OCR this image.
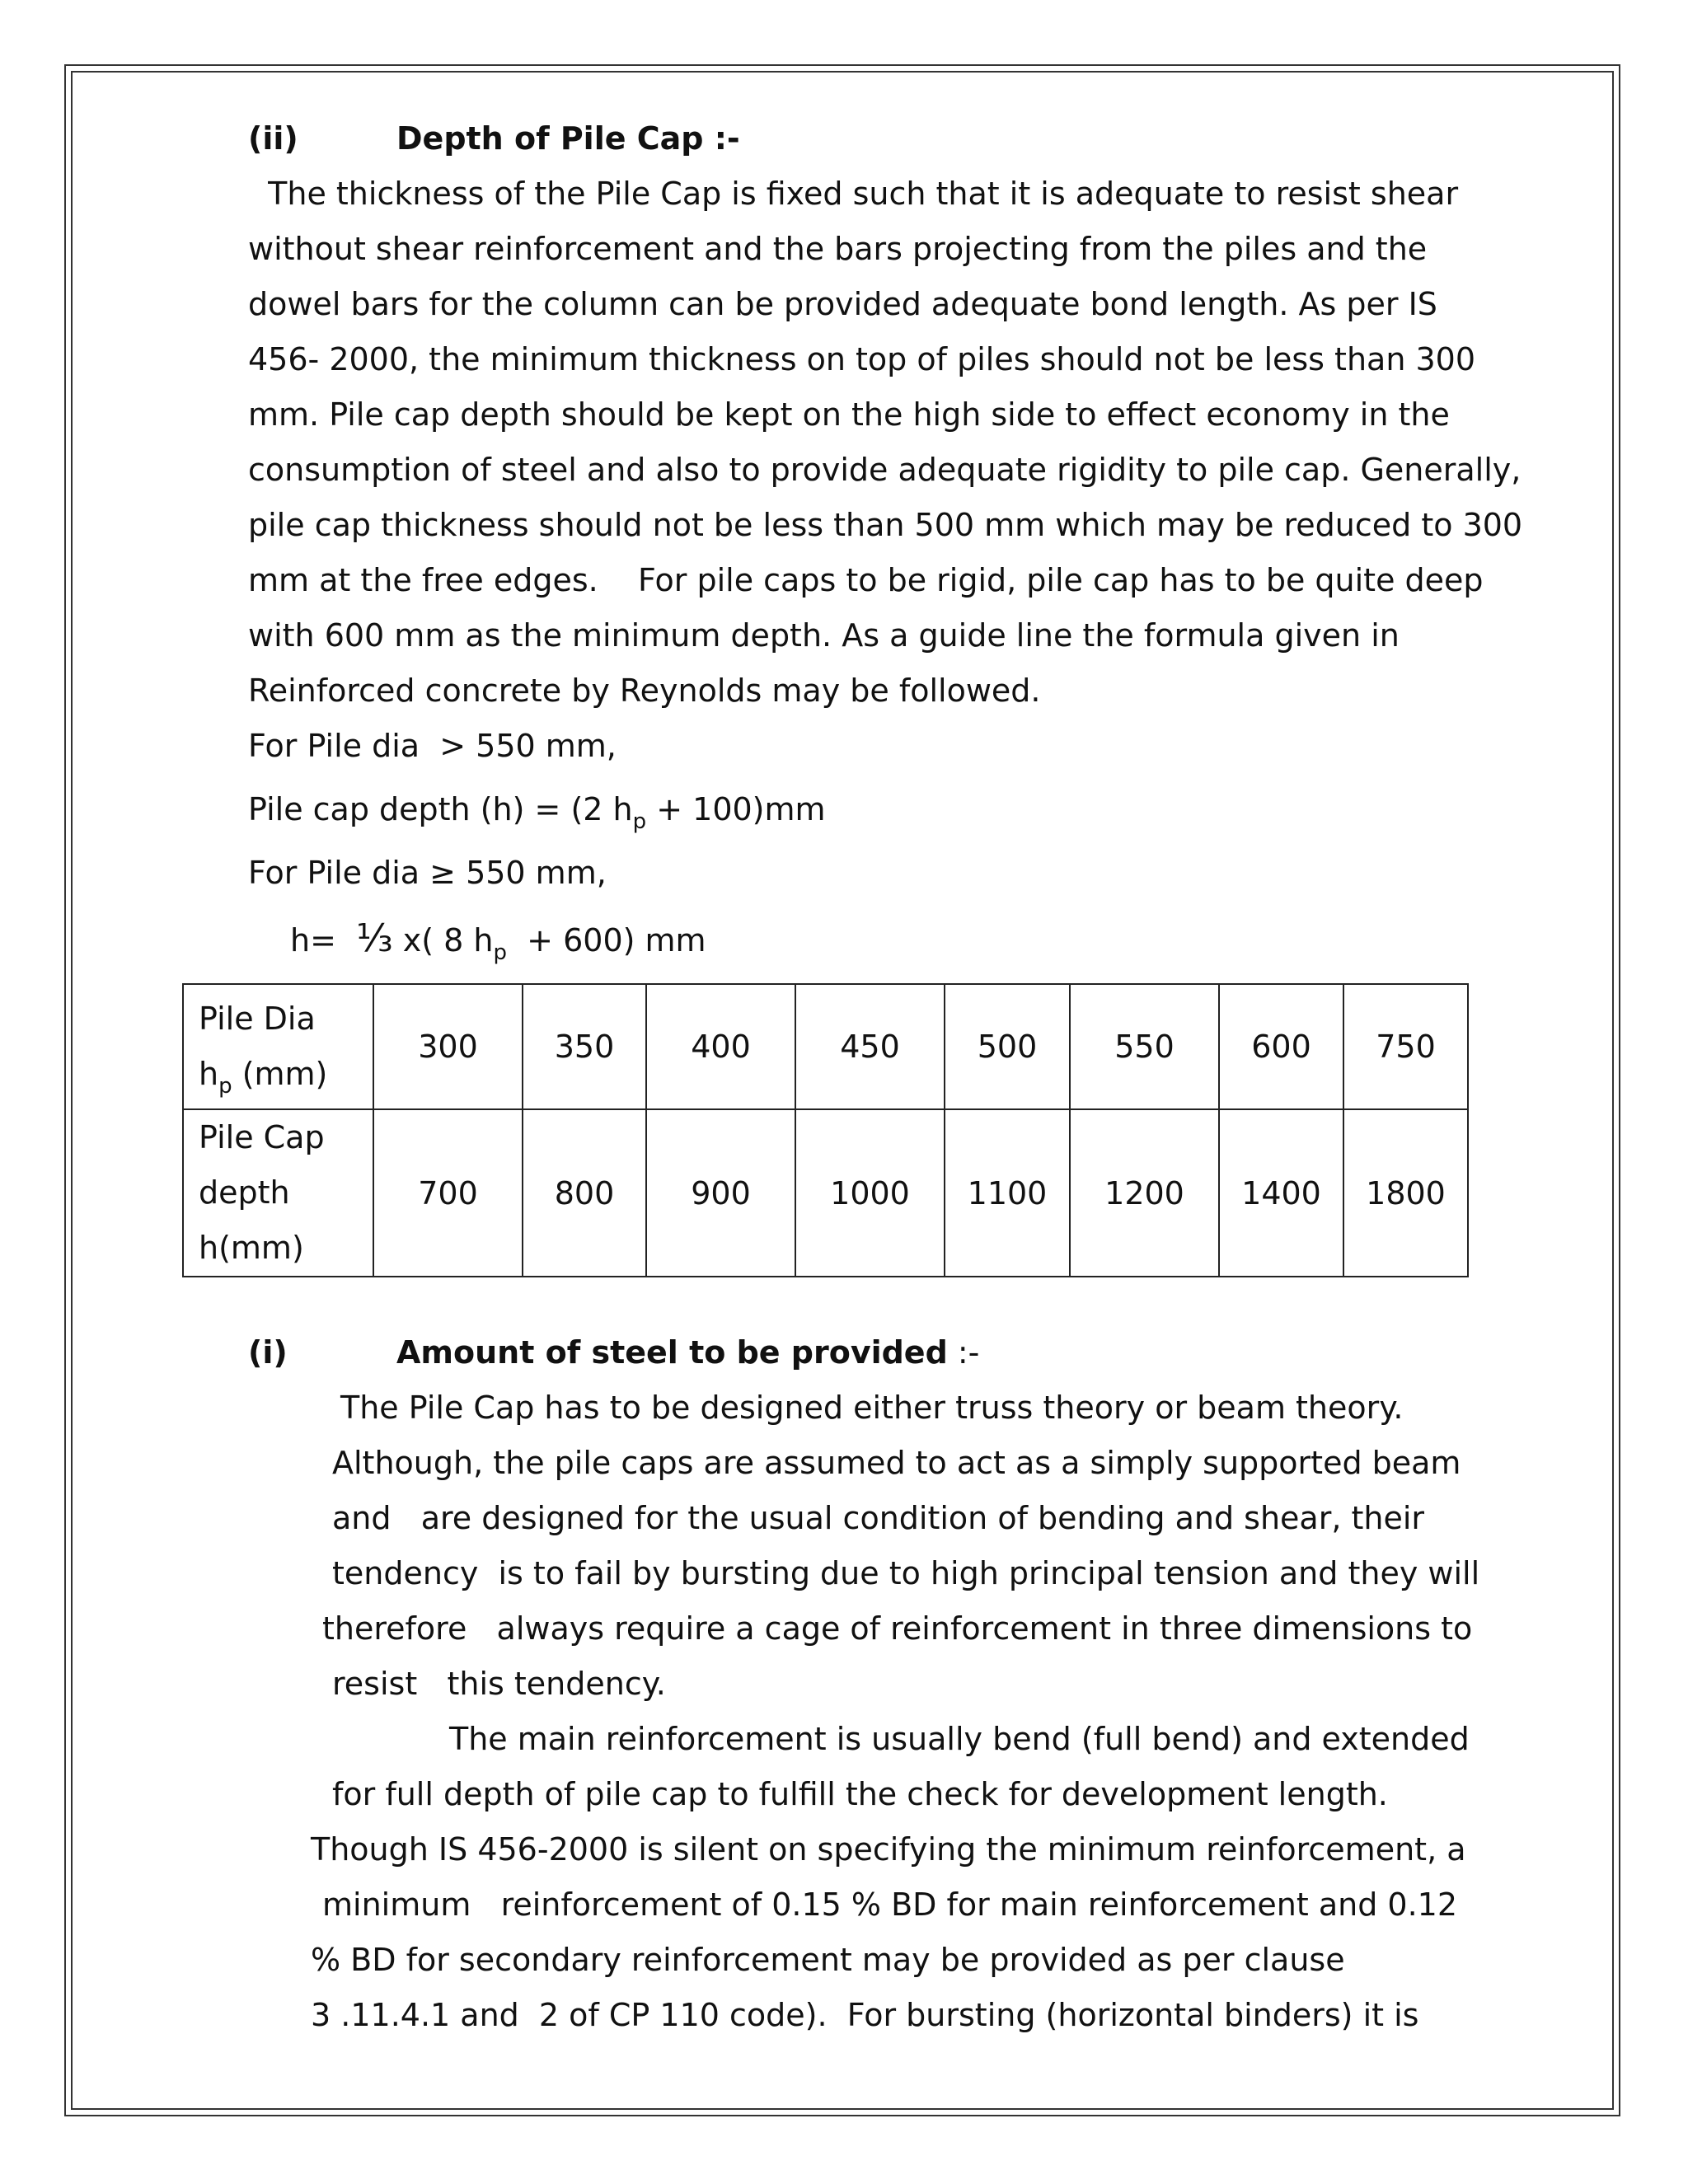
(ii)	Depth of Pile Cap :-
The thickness of the Pile Cap is fixed such that it is adequate to resist shear
without shear reinforcement and the bars projecting from the piles and the
dowel bars for the column can be provided adequate bond length. As per IS
456- 2000, the minimum thickness on top of piles should not be less than 300
mm. Pile cap depth should be kept on the high side to effect economy in the
consumption of steel and also to provide adequate rigidity to pile cap. Generally,
pile cap thickness should not be less than 500 mm which may be reduced to 300
mm at the free edges.    For pile caps to be rigid, pile cap has to be quite deep
with 600 mm as the minimum depth. As a guide line the formula given in
Reinforced concrete by Reynolds may be followed.
For Pile dia  > 550 mm,
Pile cap depth (h) = (2 $h_p + 100)mm$
For Pile dia ≥ 550 mm,
h=  ⅓ x( 8 $h_p + 600$) mm
Pile Dia
$h_p$ (mm)	300	350	400	450	500	550	600	750
Pile Cap
depth
h(mm)	700	800	900	1000	1100	1200	1400	1800
(i)	Amount of steel to be provided :-
The Pile Cap has to be designed either truss theory or beam theory.
Although, the pile caps are assumed to act as a simply supported beam
and   are designed for the usual condition of bending and shear, their
tendency  is to fail by bursting due to high principal tension and they will
therefore   always require a cage of reinforcement in three dimensions to
resist   this tendency.
The main reinforcement is usually bend (full bend) and extended
for full depth of pile cap to fulfill the check for development length.
Though IS 456-2000 is silent on specifying the minimum reinforcement, a
minimum   reinforcement of 0.15 % BD for main reinforcement and 0.12
% BD for secondary reinforcement may be provided as per clause
3 .11.4.1 and  2 of CP 110 code).  For bursting (horizontal binders) it is
